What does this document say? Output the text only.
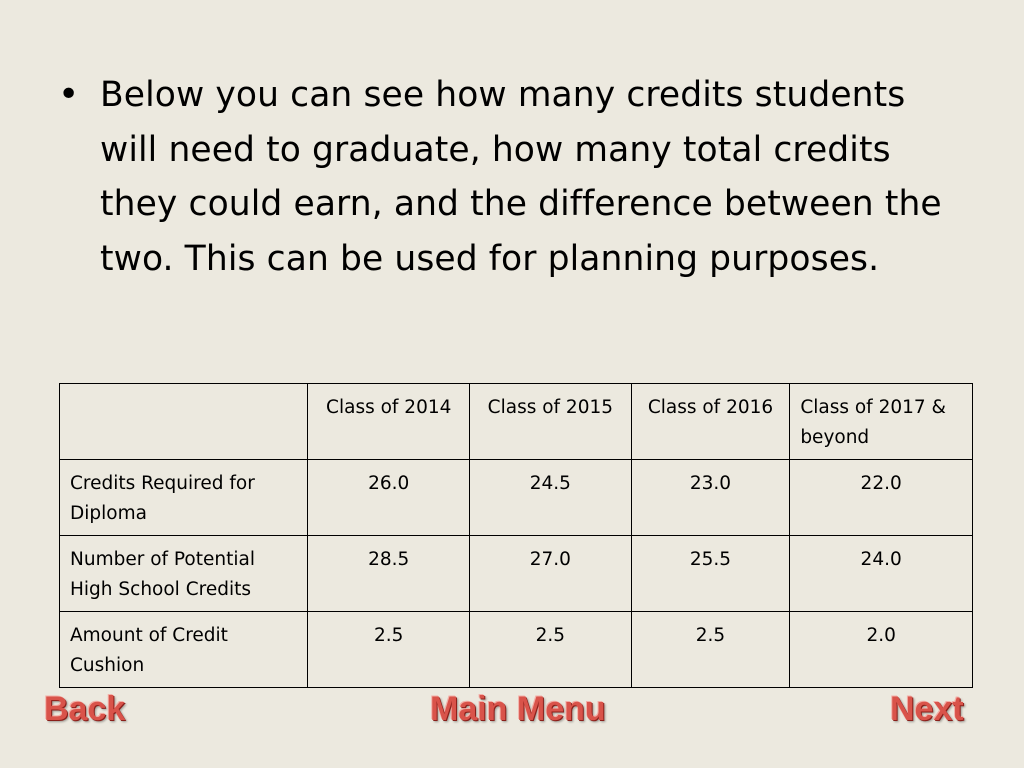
• Below you can see how many credits students will need to graduate, how many total credits they could earn, and the difference between the two. This can be used for planning purposes.
	Class of 2014	Class of 2015	Class of 2016	Class of 2017 & beyond
Credits Required for Diploma	26.0	24.5	23.0	22.0
Number of Potential High School Credits	28.5	27.0	25.5	24.0
Amount of Credit Cushion	2.5	2.5	2.5	2.0
Back	Main Menu	Next
